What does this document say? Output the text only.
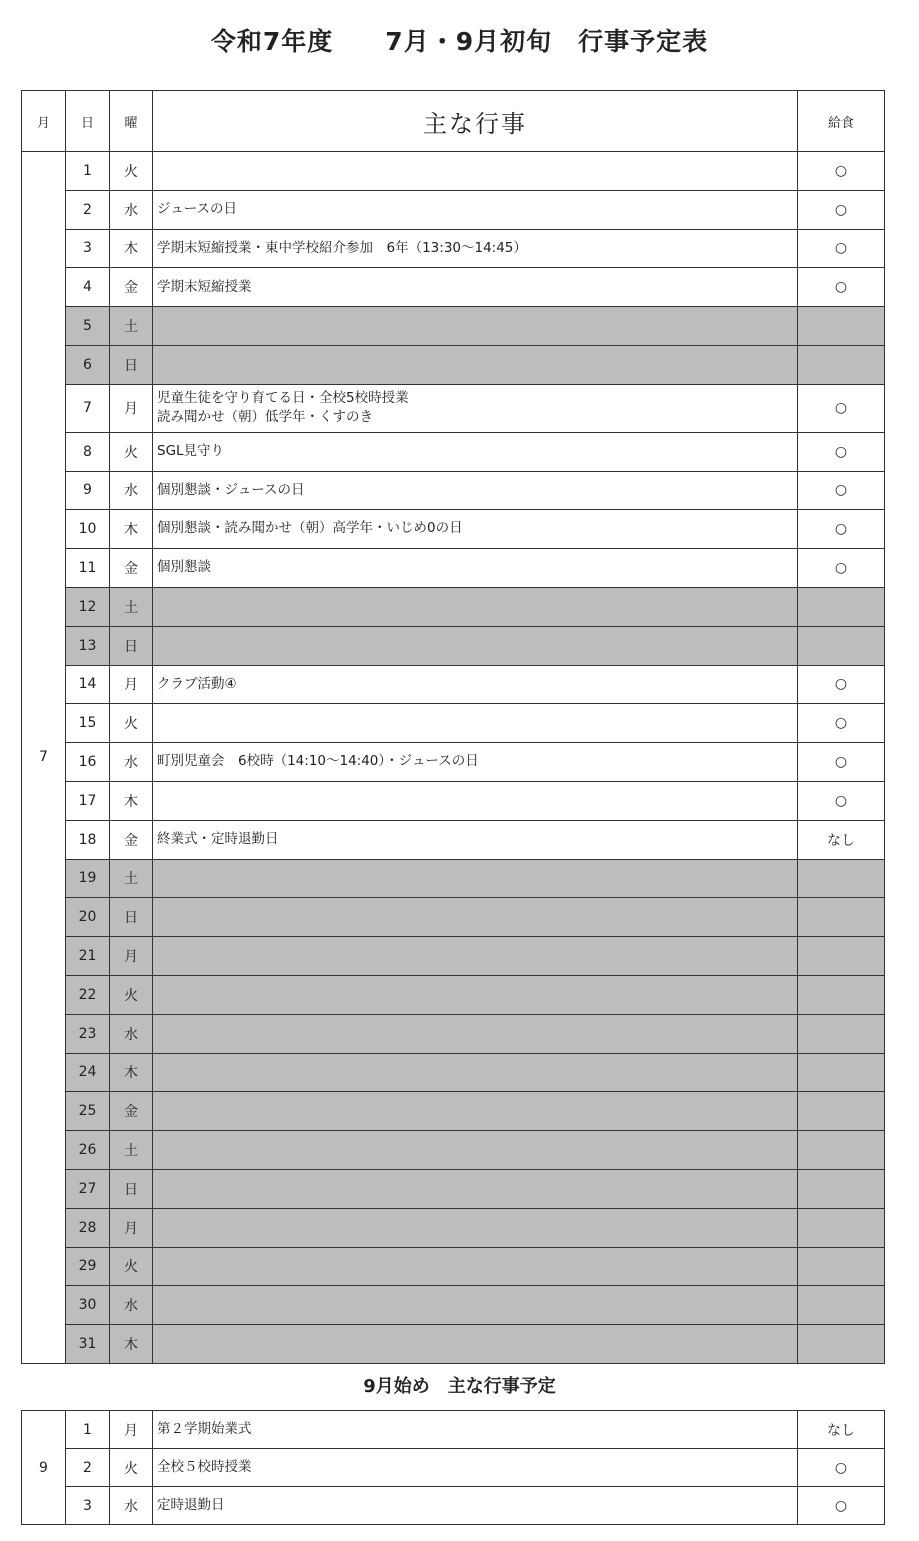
令和7年度　　7月・9月初旬　行事予定表
月	日	曜	主な行事	給食
7	1	火		○
	2	水	ジュースの日	○
	3	木	学期末短縮授業・東中学校紹介参加　6年（13:30～14:45）	○
	4	金	学期末短縮授業	○
	5	土		
	6	日		
	7	月	児童生徒を守り育てる日・全校5校時授業
読み聞かせ（朝）低学年・くすのき	○
	8	火	SGL見守り	○
	9	水	個別懇談・ジュースの日	○
	10	木	個別懇談・読み聞かせ（朝）高学年・いじめ0の日	○
	11	金	個別懇談	○
	12	土		
	13	日		
	14	月	クラブ活動④	○
	15	火		○
	16	水	町別児童会　6校時（14:10～14:40）・ジュースの日	○
	17	木		○
	18	金	終業式・定時退勤日	なし
	19	土		
	20	日		
	21	月		
	22	火		
	23	水		
	24	木		
	25	金		
	26	土		
	27	日		
	28	月		
	29	火		
	30	水		
	31	木		
9月始め　主な行事予定
9	1	月	第２学期始業式	なし
	2	火	全校５校時授業	○
	3	水	定時退勤日	○
